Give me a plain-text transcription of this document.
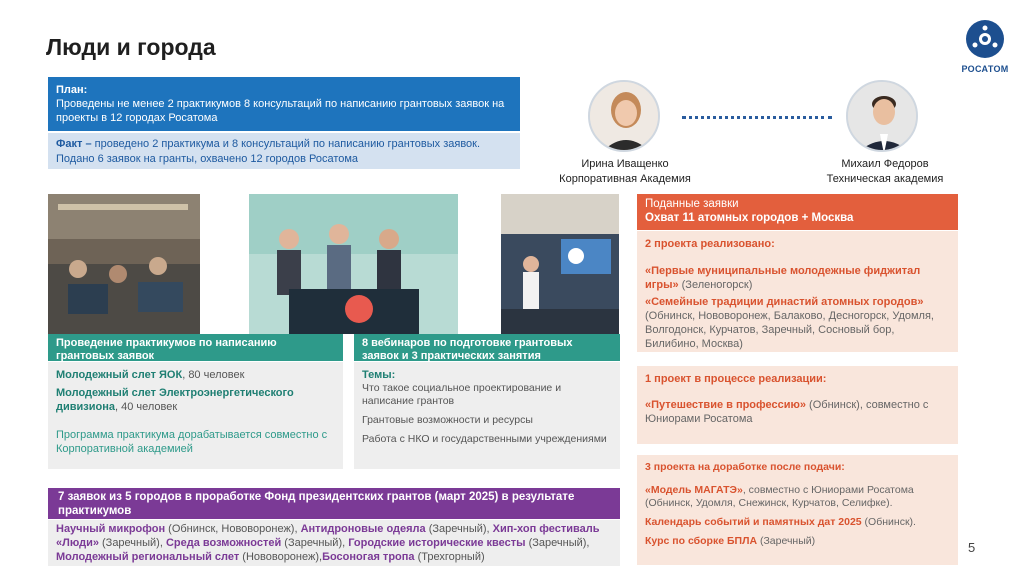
Люди и города
РОСАТОМ
План:
Проведены не менее 2 практикумов 8 консультаций по написанию грантовых заявок на проекты в 12 городах Росатома
Факт – проведено 2 практикума и 8 консультаций по написанию грантовых заявок. Подано 6 заявок на гранты, охвачено 12 городов Росатома	Ирина Иващенко
Корпоративная Академия
Михаил Федоров
Техническая академия
Проведение практикумов по написанию грантовых заявок
Молодежный слет ЯОК, 80 человек
Молодежный слет Электроэнергетического дивизиона, 40 человек
Программа практикума дорабатывается совместно с Корпоративной академией
8 вебинаров по подготовке грантовых заявок и 3 практических занятия
Темы:
Что такое социальное проектирование и написание грантов
Грантовые возможности и ресурсы
Работа с НКО и государственными учреждениями
7 заявок из 5 городов в проработке Фонд президентских грантов (март 2025) в результате практикумов
Научный микрофон (Обнинск, Нововоронеж), Антидроновые одеяла (Заречный), Хип-хоп фестиваль «Люди» (Заречный), Среда возможностей (Заречный), Городские исторические квесты (Заречный), Молодежный региональный слет (Нововоронеж),Босоногая тропа (Трехгорный)
Поданные заявки
Охват 11 атомных городов + Москва
2 проекта реализовано:
«Первые муниципальные молодежные фиджитал игры» (Зеленогорск)
«Семейные традиции династий атомных городов» (Обнинск, Нововоронеж, Балаково, Десногорск, Удомля, Волгодонск, Курчатов, Заречный, Сосновый бор, Билибино, Москва)
1 проект в процессе реализации:
«Путешествие в профессию» (Обнинск), совместно с Юниорами Росатома
3 проекта на доработке после подачи:
«Модель МАГАТЭ», совместно с Юниорами Росатома (Обнинск, Удомля, Снежинск, Курчатов, Селифке).
Календарь событий и памятных дат 2025 (Обнинск).
Курс по сборке БПЛА (Заречный)	5
